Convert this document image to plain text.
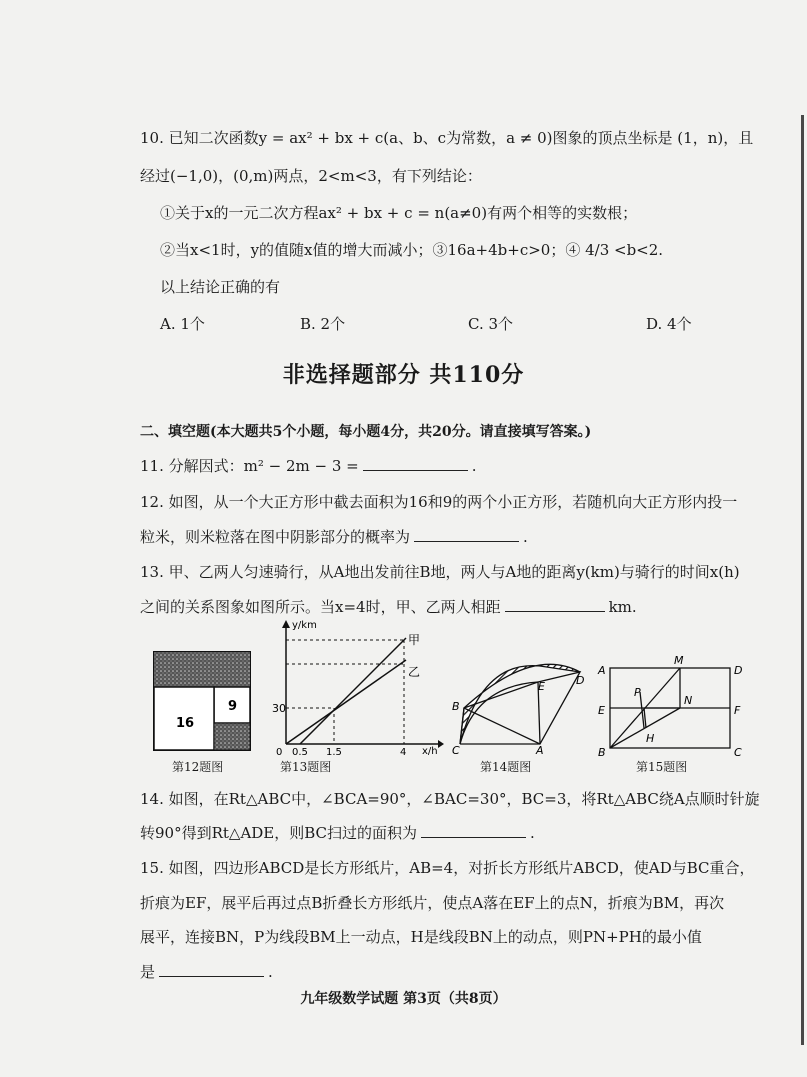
10. 已知二次函数y = ax² + bx + c(a、b、c为常数，a ≠ 0)图象的顶点坐标是 (1，n)，且
经过(−1,0)，(0,m)两点，2<m<3，有下列结论：
①关于x的一元二次方程ax² + bx + c = n(a≠0)有两个相等的实数根；
②当x<1时，y的值随x值的增大而减小；③16a+4b+c>0；④ 4/3 <b<2.
以上结论正确的有
A. 1个	B. 2个	C. 3个	D. 4个
非选择题部分 共110分
二、填空题(本大题共5个小题，每小题4分，共20分。请直接填写答案。)
11. 分解因式：m² − 2m − 3 =	.
12. 如图，从一个大正方形中截去面积为16和9的两个小正方形，若随机向大正方形内投一
粒米，则米粒落在图中阴影部分的概率为	.
13. 甲、乙两人匀速骑行，从A地出发前往B地，两人与A地的距离y(km)与骑行的时间x(h)
之间的关系图象如图所示。当x=4时，甲、乙两人相距	km.
9
16
第12题图
y/km
x/h
30
0 0.5 1.5	4
甲
乙
第13题图
B
E	D
C	A
第14题图
A
M
D
P
N
E	F
H
B	C
第15题图
14. 如图，在Rt△ABC中，∠BCA=90°，∠BAC=30°，BC=3，将Rt△ABC绕A点顺时针旋
转90°得到Rt△ADE，则BC扫过的面积为	.
15. 如图，四边形ABCD是长方形纸片，AB=4，对折长方形纸片ABCD，使AD与BC重合，
折痕为EF，展平后再过点B折叠长方形纸片，使点A落在EF上的点N，折痕为BM，再次
展平，连接BN，P为线段BM上一动点，H是线段BN上的动点，则PN+PH的最小值
是	.
九年级数学试题 第3页（共8页）
